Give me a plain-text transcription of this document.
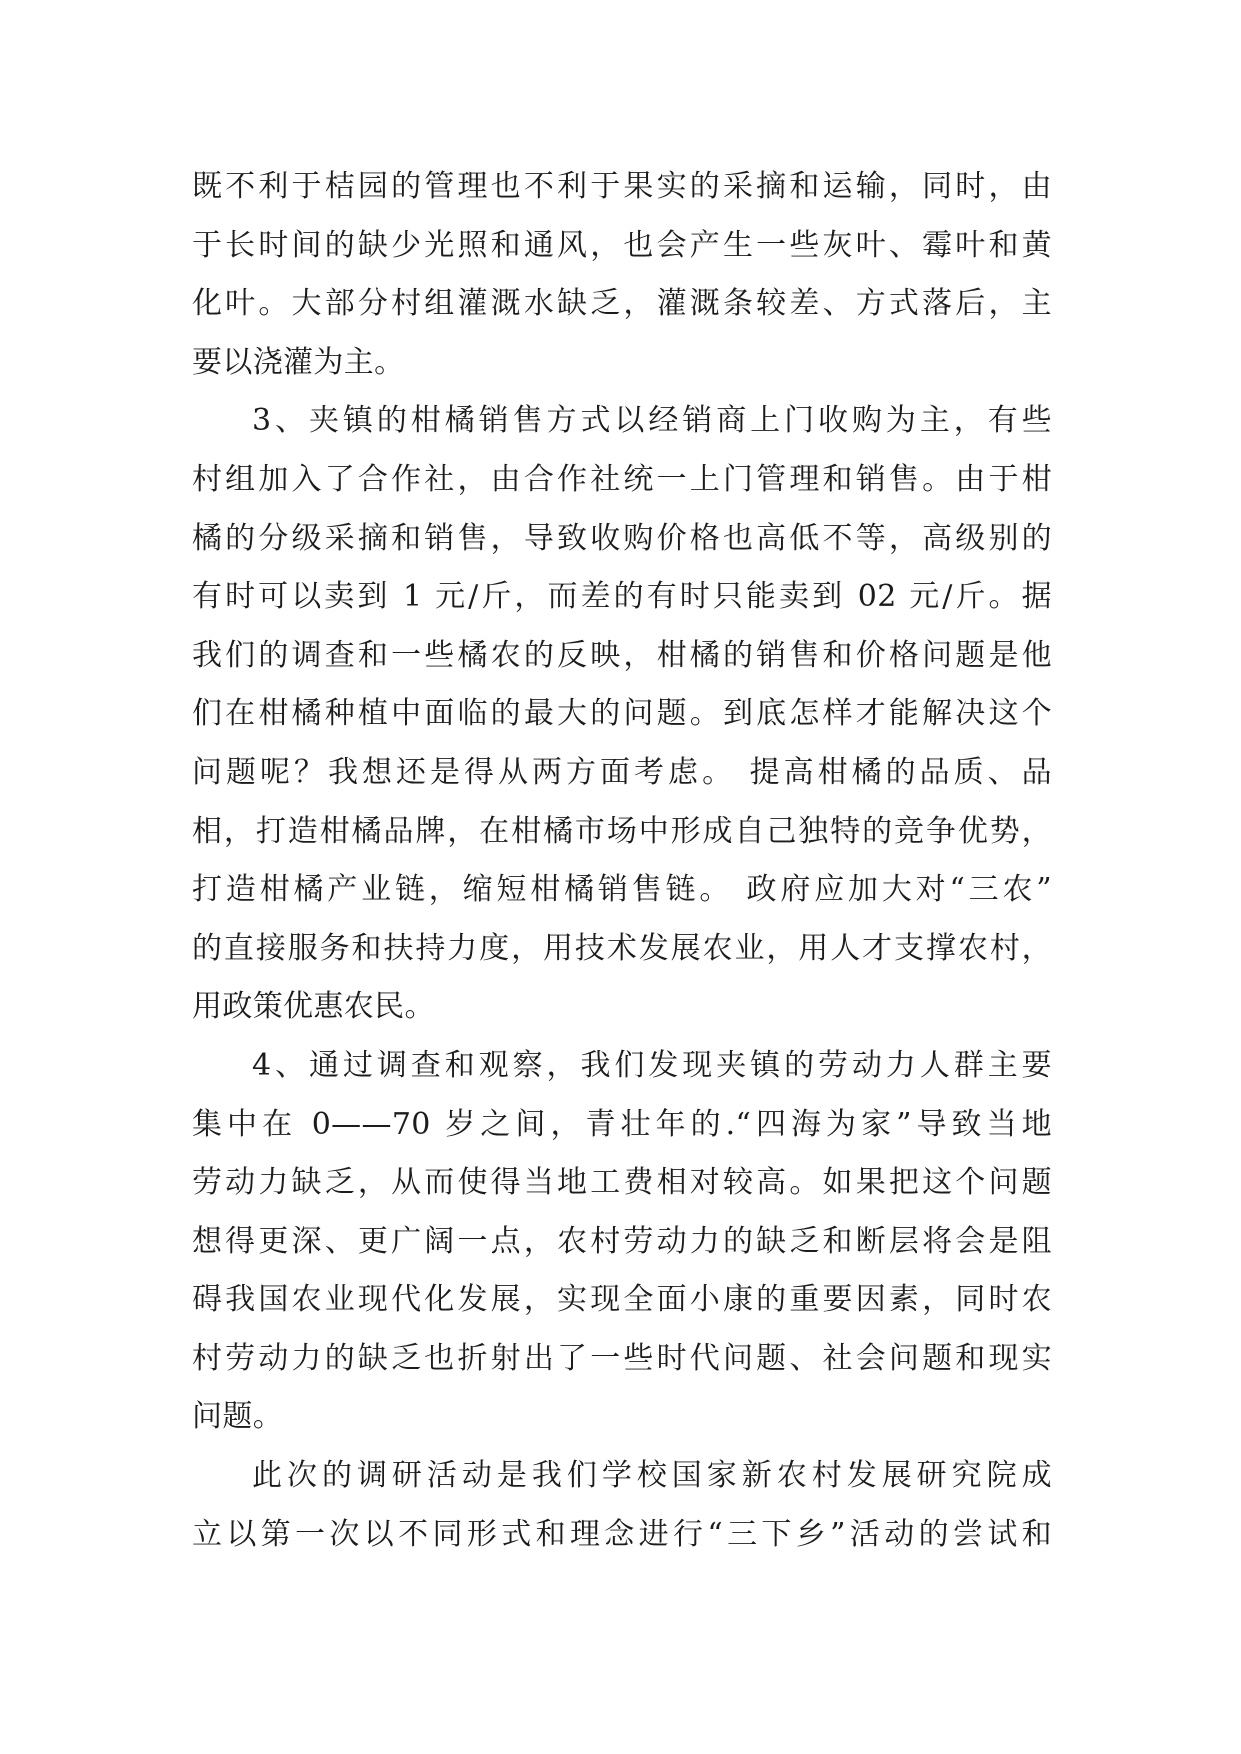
既不利于桔园的管理也不利于果实的采摘和运输，同时，由
于长时间的缺少光照和通风，也会产生一些灰叶、霉叶和黄
化叶。大部分村组灌溉水缺乏，灌溉条较差、方式落后，主
要以浇灌为主。
3、夹镇的柑橘销售方式以经销商上门收购为主，有些
村组加入了合作社，由合作社统一上门管理和销售。由于柑
橘的分级采摘和销售，导致收购价格也高低不等，高级别的
有时可以卖到 1 元/斤，而差的有时只能卖到 02 元/斤。据
我们的调查和一些橘农的反映，柑橘的销售和价格问题是他
们在柑橘种植中面临的最大的问题。到底怎样才能解决这个
问题呢？我想还是得从两方面考虑。 提高柑橘的品质、品
相，打造柑橘品牌，在柑橘市场中形成自己独特的竞争优势，
打造柑橘产业链，缩短柑橘销售链。 政府应加大对“三农”
的直接服务和扶持力度，用技术发展农业，用人才支撑农村，
用政策优惠农民。
4、通过调查和观察，我们发现夹镇的劳动力人群主要
集中在 0——70 岁之间，青壮年的.“四海为家”导致当地
劳动力缺乏，从而使得当地工费相对较高。如果把这个问题
想得更深、更广阔一点，农村劳动力的缺乏和断层将会是阻
碍我国农业现代化发展，实现全面小康的重要因素，同时农
村劳动力的缺乏也折射出了一些时代问题、社会问题和现实
问题。
此次的调研活动是我们学校国家新农村发展研究院成
立以第一次以不同形式和理念进行“三下乡”活动的尝试和
